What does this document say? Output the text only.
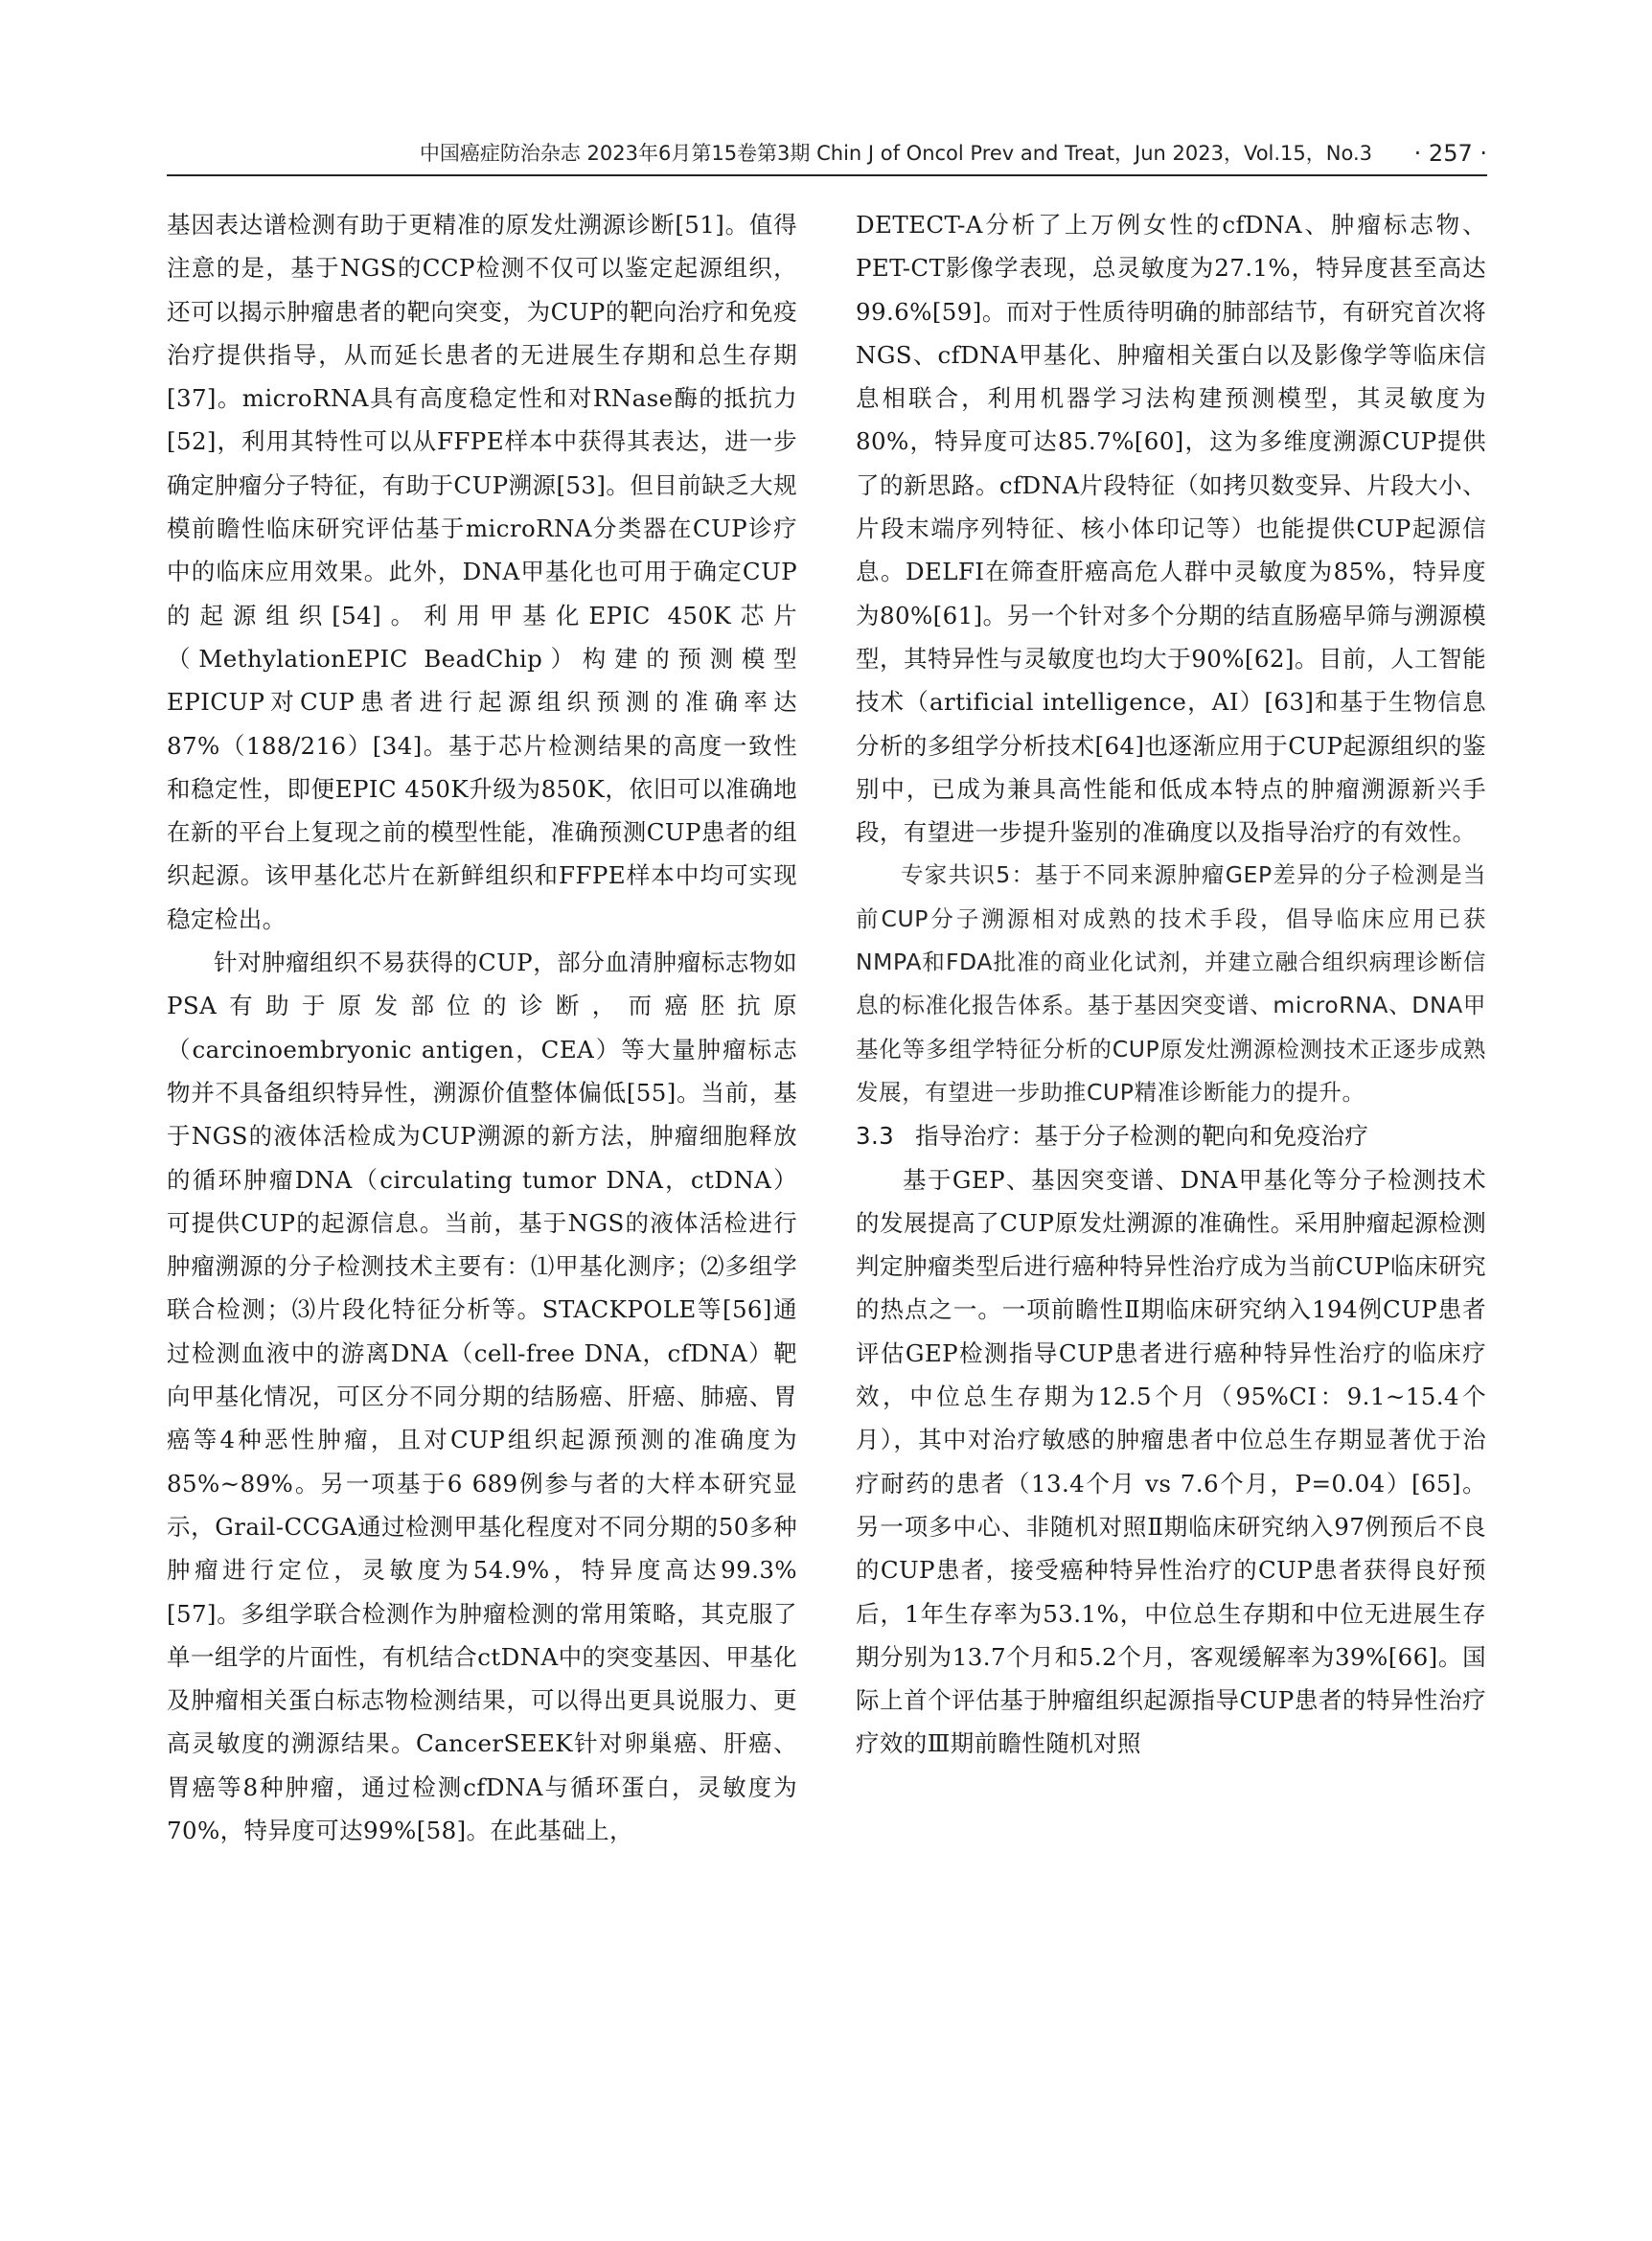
中国癌症防治杂志 2023年6月第15卷第3期 Chin J of Oncol Prev and Treat，Jun 2023，Vol.15，No.3 · 257 ·

基因表达谱检测有助于更精准的原发灶溯源诊断[51]。值得注意的是，基于NGS的CCP检测不仅可以鉴定起源组织，还可以揭示肿瘤患者的靶向突变，为CUP的靶向治疗和免疫治疗提供指导，从而延长患者的无进展生存期和总生存期[37]。microRNA具有高度稳定性和对RNase酶的抵抗力[52]，利用其特性可以从FFPE样本中获得其表达，进一步确定肿瘤分子特征，有助于CUP溯源[53]。但目前缺乏大规模前瞻性临床研究评估基于microRNA分类器在CUP诊疗中的临床应用效果。此外，DNA甲基化也可用于确定CUP的起源组织[54]。利用甲基化EPIC 450K芯片（MethylationEPIC BeadChip）构建的预测模型EPICUP对CUP患者进行起源组织预测的准确率达87%（188/216）[34]。基于芯片检测结果的高度一致性和稳定性，即便EPIC 450K升级为850K，依旧可以准确地在新的平台上复现之前的模型性能，准确预测CUP患者的组织起源。该甲基化芯片在新鲜组织和FFPE样本中均可实现稳定检出。

针对肿瘤组织不易获得的CUP，部分血清肿瘤标志物如PSA有助于原发部位的诊断，而癌胚抗原（carcinoembryonic antigen，CEA）等大量肿瘤标志物并不具备组织特异性，溯源价值整体偏低[55]。当前，基于NGS的液体活检成为CUP溯源的新方法，肿瘤细胞释放的循环肿瘤DNA（circulating tumor DNA，ctDNA）可提供CUP的起源信息。当前，基于NGS的液体活检进行肿瘤溯源的分子检测技术主要有：⑴甲基化测序；⑵多组学联合检测；⑶片段化特征分析等。STACKPOLE等[56]通过检测血液中的游离DNA（cell-free DNA，cfDNA）靶向甲基化情况，可区分不同分期的结肠癌、肝癌、肺癌、胃癌等4种恶性肿瘤，且对CUP组织起源预测的准确度为85%~89%。另一项基于6 689例参与者的大样本研究显示，Grail-CCGA通过检测甲基化程度对不同分期的50多种肿瘤进行定位，灵敏度为54.9%，特异度高达99.3%[57]。多组学联合检测作为肿瘤检测的常用策略，其克服了单一组学的片面性，有机结合ctDNA中的突变基因、甲基化及肿瘤相关蛋白标志物检测结果，可以得出更具说服力、更高灵敏度的溯源结果。CancerSEEK针对卵巢癌、肝癌、胃癌等8种肿瘤，通过检测cfDNA与循环蛋白，灵敏度为70%，特异度可达99%[58]。在此基础上，

DETECT-A分析了上万例女性的cfDNA、肿瘤标志物、PET-CT影像学表现，总灵敏度为27.1%，特异度甚至高达99.6%[59]。而对于性质待明确的肺部结节，有研究首次将NGS、cfDNA甲基化、肿瘤相关蛋白以及影像学等临床信息相联合，利用机器学习法构建预测模型，其灵敏度为80%，特异度可达85.7%[60]，这为多维度溯源CUP提供了的新思路。cfDNA片段特征（如拷贝数变异、片段大小、片段末端序列特征、核小体印记等）也能提供CUP起源信息。DELFI在筛查肝癌高危人群中灵敏度为85%，特异度为80%[61]。另一个针对多个分期的结直肠癌早筛与溯源模型，其特异性与灵敏度也均大于90%[62]。目前，人工智能技术（artificial intelligence，AI）[63]和基于生物信息分析的多组学分析技术[64]也逐渐应用于CUP起源组织的鉴别中，已成为兼具高性能和低成本特点的肿瘤溯源新兴手段，有望进一步提升鉴别的准确度以及指导治疗的有效性。

专家共识5：基于不同来源肿瘤GEP差异的分子检测是当前CUP分子溯源相对成熟的技术手段，倡导临床应用已获NMPA和FDA批准的商业化试剂，并建立融合组织病理诊断信息的标准化报告体系。基于基因突变谱、microRNA、DNA甲基化等多组学特征分析的CUP原发灶溯源检测技术正逐步成熟发展，有望进一步助推CUP精准诊断能力的提升。

3.3 指导治疗：基于分子检测的靶向和免疫治疗

基于GEP、基因突变谱、DNA甲基化等分子检测技术的发展提高了CUP原发灶溯源的准确性。采用肿瘤起源检测判定肿瘤类型后进行癌种特异性治疗成为当前CUP临床研究的热点之一。一项前瞻性Ⅱ期临床研究纳入194例CUP患者评估GEP检测指导CUP患者进行癌种特异性治疗的临床疗效，中位总生存期为12.5个月（95%CI：9.1~15.4个月），其中对治疗敏感的肿瘤患者中位总生存期显著优于治疗耐药的患者（13.4个月 vs 7.6个月，P=0.04）[65]。另一项多中心、非随机对照Ⅱ期临床研究纳入97例预后不良的CUP患者，接受癌种特异性治疗的CUP患者获得良好预后，1年生存率为53.1%，中位总生存期和中位无进展生存期分别为13.7个月和5.2个月，客观缓解率为39%[66]。国际上首个评估基于肿瘤组织起源指导CUP患者的特异性治疗疗效的Ⅲ期前瞻性随机对照
